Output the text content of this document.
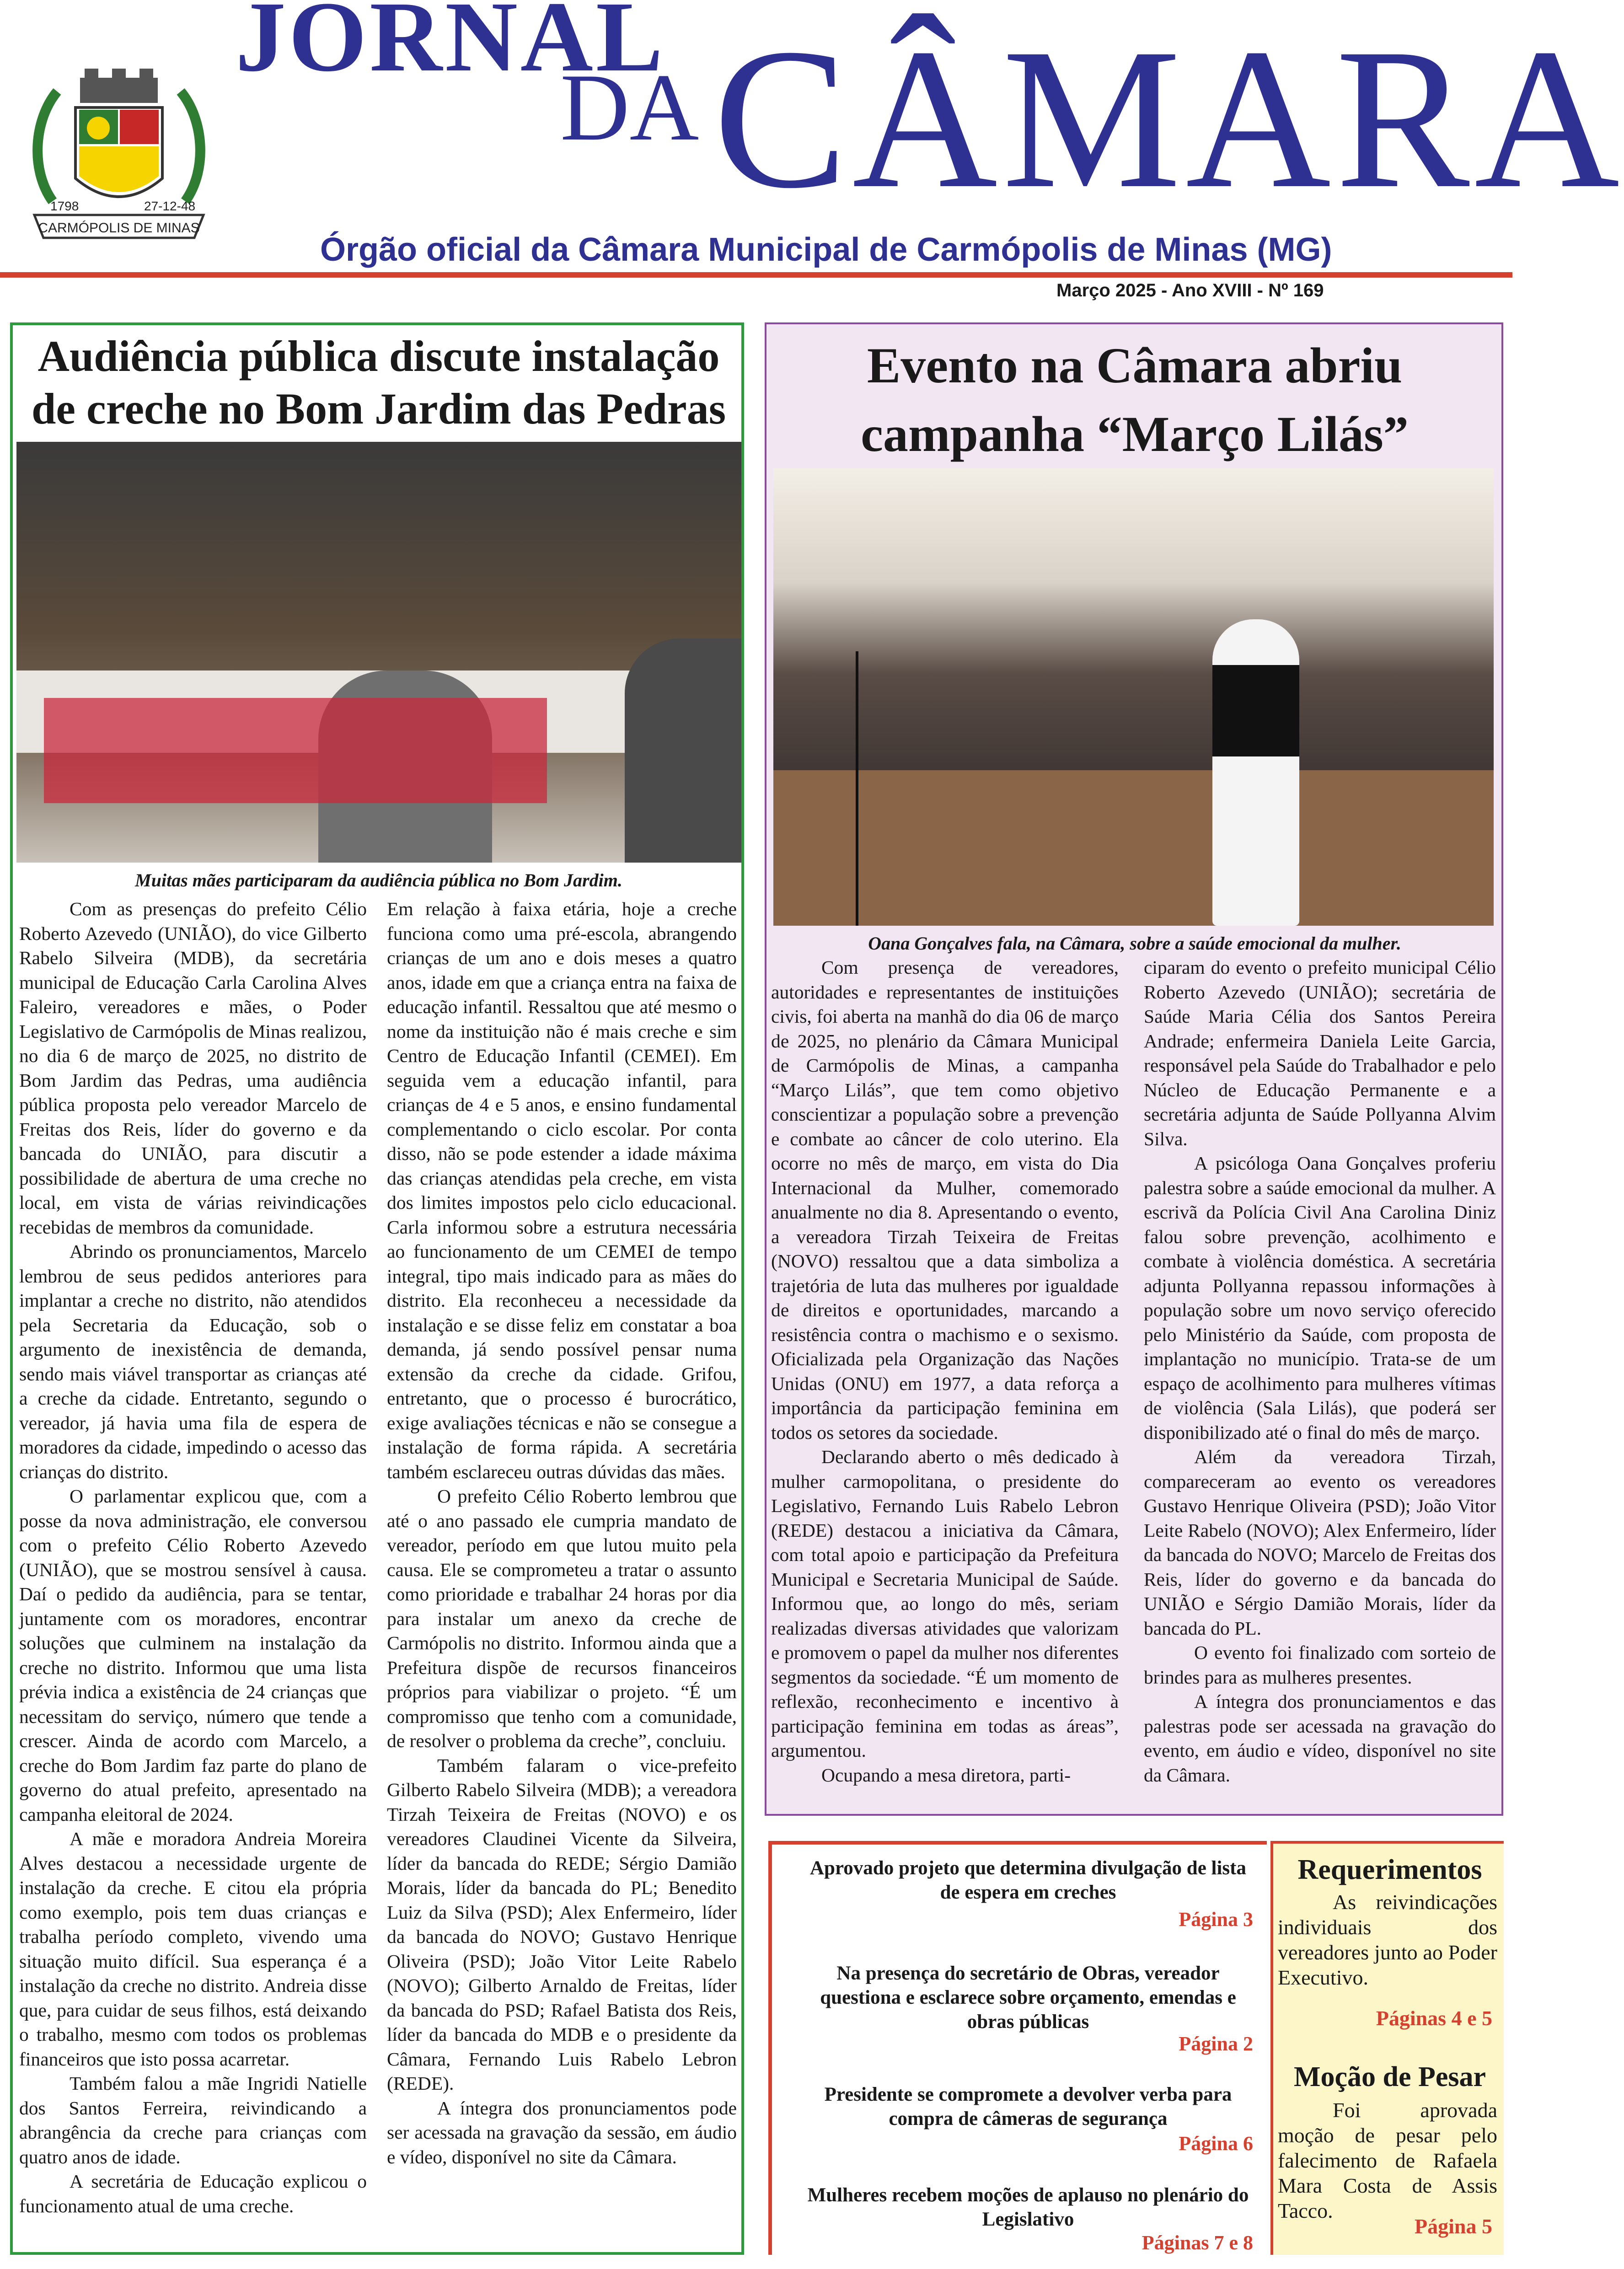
CARMÓPOLIS DE MINAS
1798	27-12-48
JORNAL
DA CÂMARA
Órgão oficial da Câmara Municipal de Carmópolis de Minas (MG)
Março 2025 - Ano XVIII - Nº 169
Audiência pública discute instalação de creche no Bom Jardim das Pedras
Muitas mães participaram da audiência pública no Bom Jardim.

Com as presenças do prefeito Célio Roberto Azevedo (UNIÃO), do vice Gilberto Rabelo Silveira (MDB), da secretária municipal de Educação Carla Carolina Alves Faleiro, vereadores e mães, o Poder Legislativo de Carmópolis de Minas realizou, no dia 6 de março de 2025, no distrito de Bom Jardim das Pedras, uma audiência pública proposta pelo vereador Marcelo de Freitas dos Reis, líder do governo e da bancada do UNIÃO, para discutir a possibilidade de abertura de uma creche no local, em vista de várias reivindicações recebidas de membros da comunidade.

Abrindo os pronunciamentos, Marcelo lembrou de seus pedidos anteriores para implantar a creche no distrito, não atendidos pela Secretaria da Educação, sob o argumento de inexistência de demanda, sendo mais viável transportar as crianças até a creche da cidade. Entretanto, segundo o vereador, já havia uma fila de espera de moradores da cidade, impedindo o acesso das crianças do distrito.

O parlamentar explicou que, com a posse da nova administração, ele conversou com o prefeito Célio Roberto Azevedo (UNIÃO), que se mostrou sensível à causa. Daí o pedido da audiência, para se tentar, juntamente com os moradores, encontrar soluções que culminem na instalação da creche no distrito. Informou que uma lista prévia indica a existência de 24 crianças que necessitam do serviço, número que tende a crescer. Ainda de acordo com Marcelo, a creche do Bom Jardim faz parte do plano de governo do atual prefeito, apresentado na campanha eleitoral de 2024.

A mãe e moradora Andreia Moreira Alves destacou a necessidade urgente de instalação da creche. E citou ela própria como exemplo, pois tem duas crianças e trabalha período completo, vivendo uma situação muito difícil. Sua esperança é a instalação da creche no distrito. Andreia disse que, para cuidar de seus filhos, está deixando o trabalho, mesmo com todos os problemas financeiros que isto possa acarretar.

Também falou a mãe Ingridi Natielle dos Santos Ferreira, reivindicando a abrangência da creche para crianças com quatro anos de idade.

A secretária de Educação explicou o funcionamento atual de uma creche.

Em relação à faixa etária, hoje a creche funciona como uma pré-escola, abrangendo crianças de um ano e dois meses a quatro anos, idade em que a criança entra na faixa de educação infantil. Ressaltou que até mesmo o nome da instituição não é mais creche e sim Centro de Educação Infantil (CEMEI). Em seguida vem a educação infantil, para crianças de 4 e 5 anos, e ensino fundamental complementando o ciclo escolar. Por conta disso, não se pode estender a idade máxima das crianças atendidas pela creche, em vista dos limites impostos pelo ciclo educacional. Carla informou sobre a estrutura necessária ao funcionamento de um CEMEI de tempo integral, tipo mais indicado para as mães do distrito. Ela reconheceu a necessidade da instalação e se disse feliz em constatar a boa demanda, já sendo possível pensar numa extensão da creche da cidade. Grifou, entretanto, que o processo é burocrático, exige avaliações técnicas e não se consegue a instalação de forma rápida. A secretária também esclareceu outras dúvidas das mães.

O prefeito Célio Roberto lembrou que até o ano passado ele cumpria mandato de vereador, período em que lutou muito pela causa. Ele se comprometeu a tratar o assunto como prioridade e trabalhar 24 horas por dia para instalar um anexo da creche de Carmópolis no distrito. Informou ainda que a Prefeitura dispõe de recursos financeiros próprios para viabilizar o projeto. “É um compromisso que tenho com a comunidade, de resolver o problema da creche”, concluiu.

Também falaram o vice-prefeito Gilberto Rabelo Silveira (MDB); a vereadora Tirzah Teixeira de Freitas (NOVO) e os vereadores Claudinei Vicente da Silveira, líder da bancada do REDE; Sérgio Damião Morais, líder da bancada do PL; Benedito Luiz da Silva (PSD); Alex Enfermeiro, líder da bancada do NOVO; Gustavo Henrique Oliveira (PSD); João Vitor Leite Rabelo (NOVO); Gilberto Arnaldo de Freitas, líder da bancada do PSD; Rafael Batista dos Reis, líder da bancada do MDB e o presidente da Câmara, Fernando Luis Rabelo Lebron (REDE).

A íntegra dos pronunciamentos pode ser acessada na gravação da sessão, em áudio e vídeo, disponível no site da Câmara.

Evento na Câmara abriu campanha “Março Lilás”
Oana Gonçalves fala, na Câmara, sobre a saúde emocional da mulher.

Com presença de vereadores, autoridades e representantes de instituições civis, foi aberta na manhã do dia 06 de março de 2025, no plenário da Câmara Municipal de Carmópolis de Minas, a campanha “Março Lilás”, que tem como objetivo conscientizar a população sobre a prevenção e combate ao câncer de colo uterino. Ela ocorre no mês de março, em vista do Dia Internacional da Mulher, comemorado anualmente no dia 8. Apresentando o evento, a vereadora Tirzah Teixeira de Freitas (NOVO) ressaltou que a data simboliza a trajetória de luta das mulheres por igualdade de direitos e oportunidades, marcando a resistência contra o machismo e o sexismo. Oficializada pela Organização das Nações Unidas (ONU) em 1977, a data reforça a importância da participação feminina em todos os setores da sociedade.

Declarando aberto o mês dedicado à mulher carmopolitana, o presidente do Legislativo, Fernando Luis Rabelo Lebron (REDE) destacou a iniciativa da Câmara, com total apoio e participação da Prefeitura Municipal e Secretaria Municipal de Saúde. Informou que, ao longo do mês, seriam realizadas diversas atividades que valorizam e promovem o papel da mulher nos diferentes segmentos da sociedade. “É um momento de reflexão, reconhecimento e incentivo à participação feminina em todas as áreas”, argumentou.

Ocupando a mesa diretora, parti-

ciparam do evento o prefeito municipal Célio Roberto Azevedo (UNIÃO); secretária de Saúde Maria Célia dos Santos Pereira Andrade; enfermeira Daniela Leite Garcia, responsável pela Saúde do Trabalhador e pelo Núcleo de Educação Permanente e a secretária adjunta de Saúde Pollyanna Alvim Silva.

A psicóloga Oana Gonçalves proferiu palestra sobre a saúde emocional da mulher. A escrivã da Polícia Civil Ana Carolina Diniz falou sobre prevenção, acolhimento e combate à violência doméstica. A secretária adjunta Pollyanna repassou informações à população sobre um novo serviço oferecido pelo Ministério da Saúde, com proposta de implantação no município. Trata-se de um espaço de acolhimento para mulheres vítimas de violência (Sala Lilás), que poderá ser disponibilizado até o final do mês de março.

Além da vereadora Tirzah, compareceram ao evento os vereadores Gustavo Henrique Oliveira (PSD); João Vitor Leite Rabelo (NOVO); Alex Enfermeiro, líder da bancada do NOVO; Marcelo de Freitas dos Reis, líder do governo e da bancada do UNIÃO e Sérgio Damião Morais, líder da bancada do PL.

O evento foi finalizado com sorteio de brindes para as mulheres presentes.

A íntegra dos pronunciamentos e das palestras pode ser acessada na gravação do evento, em áudio e vídeo, disponível no site da Câmara.

Aprovado projeto que determina divulgação de lista de espera em creches
Página 3
Na presença do secretário de Obras, vereador questiona e esclarece sobre orçamento, emendas e obras públicas
Página 2
Presidente se compromete a devolver verba para compra de câmeras de segurança
Página 6
Mulheres recebem moções de aplauso no plenário do Legislativo
Páginas 7 e 8
Requerimentos

As reivindicações individuais dos vereadores junto ao Poder Executivo.

Páginas 4 e 5
Moção de Pesar

Foi aprovada moção de pesar pelo falecimento de Rafaela Mara Costa de Assis Tacco.

Página 5
